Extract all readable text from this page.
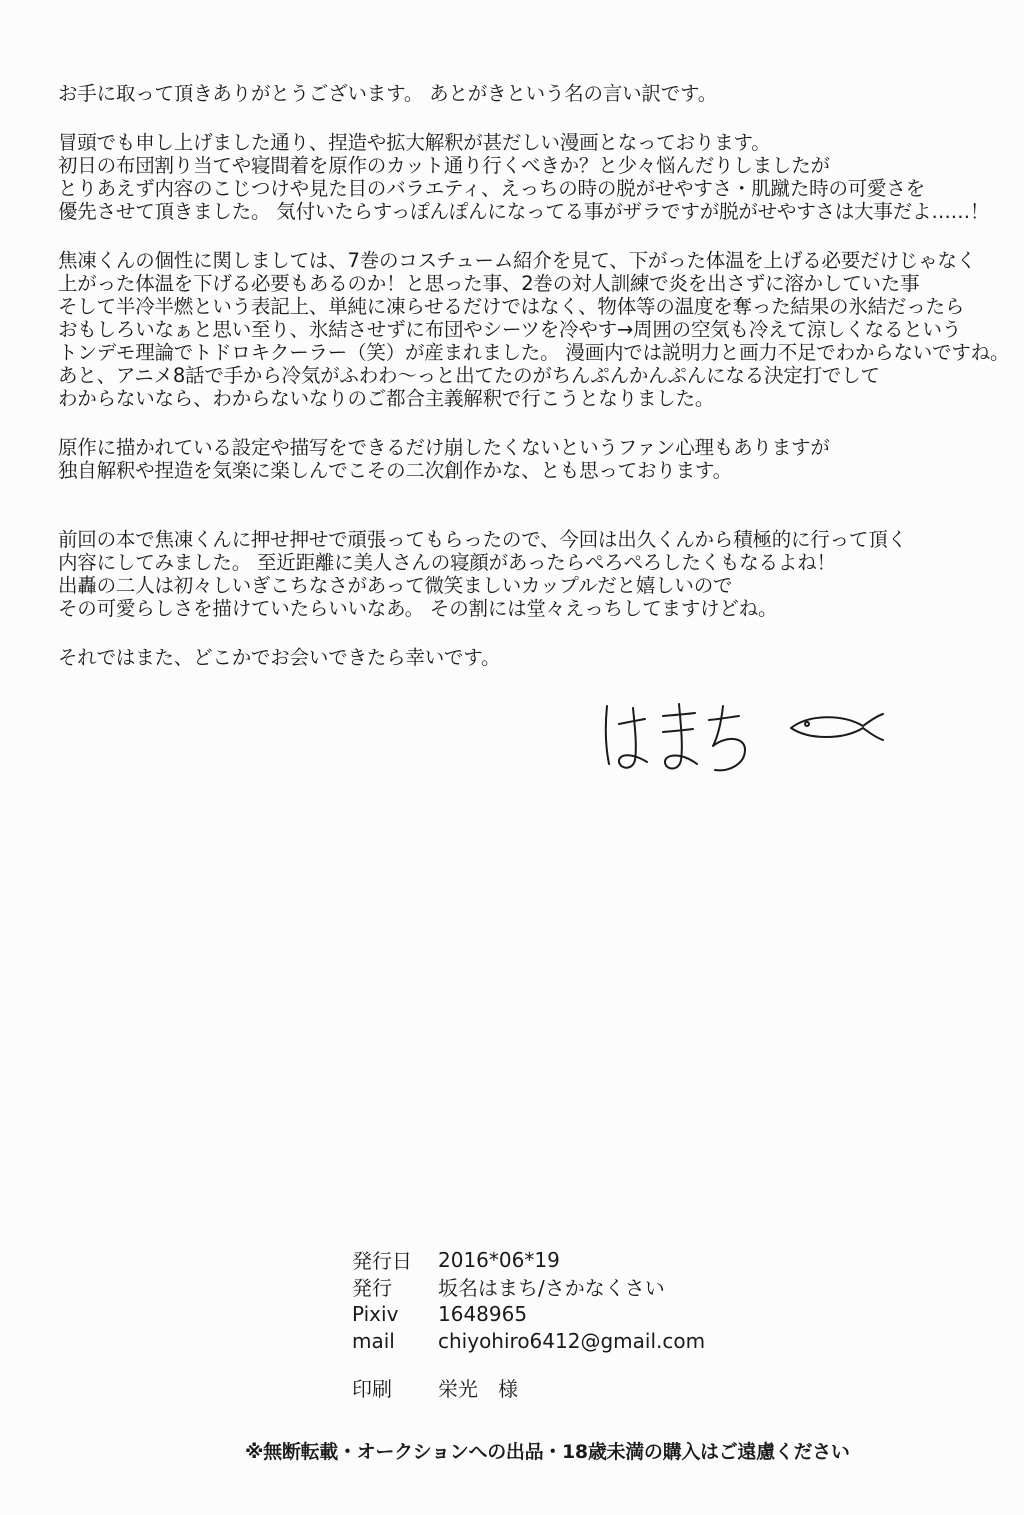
お手に取って頂きありがとうございます。 あとがきという名の言い訳です。
冒頭でも申し上げました通り、捏造や拡大解釈が甚だしい漫画となっております。
初日の布団割り当てや寝間着を原作のカット通り行くべきか？と少々悩んだりしましたが
とりあえず内容のこじつけや見た目のバラエティ、えっちの時の脱がせやすさ・肌蹴た時の可愛さを
優先させて頂きました。 気付いたらすっぽんぽんになってる事がザラですが脱がせやすさは大事だよ……！
焦凍くんの個性に関しましては、7巻のコスチューム紹介を見て、下がった体温を上げる必要だけじゃなく
上がった体温を下げる必要もあるのか！と思った事、2巻の対人訓練で炎を出さずに溶かしていた事
そして半冷半燃という表記上、単純に凍らせるだけではなく、物体等の温度を奪った結果の氷結だったら
おもしろいなぁと思い至り、氷結させずに布団やシーツを冷やす→周囲の空気も冷えて涼しくなるという
トンデモ理論でトドロキクーラー（笑）が産まれました。 漫画内では説明力と画力不足でわからないですね。
あと、アニメ8話で手から冷気がふわわ～っと出てたのがちんぷんかんぷんになる決定打でして
わからないなら、わからないなりのご都合主義解釈で行こうとなりました。
原作に描かれている設定や描写をできるだけ崩したくないというファン心理もありますが
独自解釈や捏造を気楽に楽しんでこその二次創作かな、とも思っております。
前回の本で焦凍くんに押せ押せで頑張ってもらったので、今回は出久くんから積極的に行って頂く
内容にしてみました。 至近距離に美人さんの寝顔があったらぺろぺろしたくもなるよね！
出轟の二人は初々しいぎこちなさがあって微笑ましいカップルだと嬉しいので
その可愛らしさを描けていたらいいなあ。 その割には堂々えっちしてますけどね。
それではまた、どこかでお会いできたら幸いです。
発行日	2016*06*19
発行	坂名はまち/さかなくさい
Pixiv	1648965
mail	chiyohiro6412@gmail.com
印刷	栄光　様
※無断転載・オークションへの出品・18歳未満の購入はご遠慮ください
